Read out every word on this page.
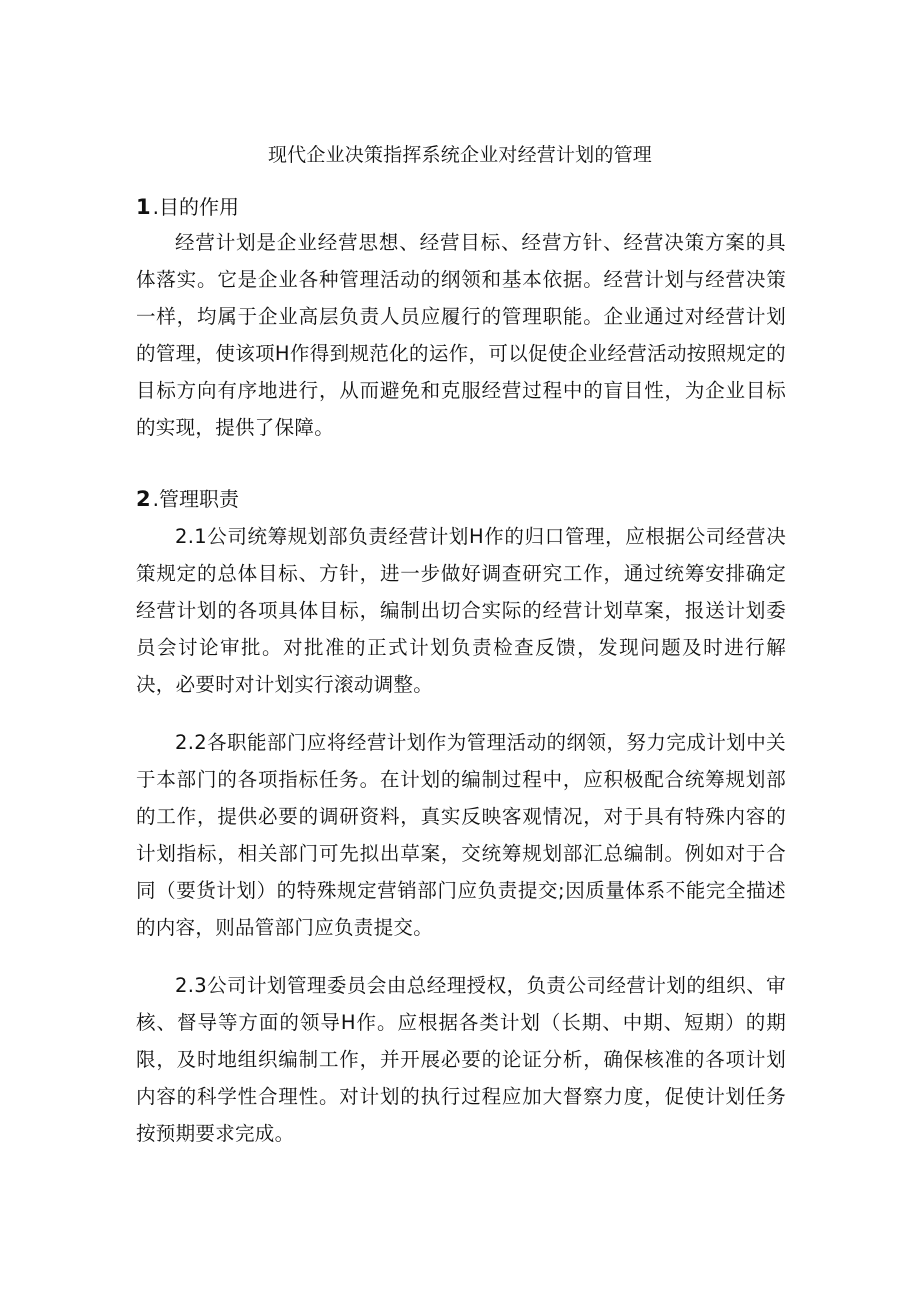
现代企业决策指挥系统企业对经营计划的管理
1 .目的作用
经营计划是企业经营思想、经营目标、经营方针、经营决策方案的具体落实。它是企业各种管理活动的纲领和基本依据。经营计划与经营决策一样，均属于企业高层负责人员应履行的管理职能。企业通过对经营计划的管理，使该项H作得到规范化的运作，可以促使企业经营活动按照规定的目标方向有序地进行，从而避免和克服经营过程中的盲目性，为企业目标的实现，提供了保障。
2 .管理职责
2.1公司统筹规划部负责经营计划H作的归口管理，应根据公司经营决策规定的总体目标、方针，进一步做好调查研究工作，通过统筹安排确定经营计划的各项具体目标，编制出切合实际的经营计划草案，报送计划委员会讨论审批。对批准的正式计划负责检查反馈，发现问题及时进行解决，必要时对计划实行滚动调整。
2.2各职能部门应将经营计划作为管理活动的纲领，努力完成计划中关于本部门的各项指标任务。在计划的编制过程中，应积极配合统筹规划部的工作，提供必要的调研资料，真实反映客观情况，对于具有特殊内容的计划指标，相关部门可先拟出草案，交统筹规划部汇总编制。例如对于合同（要货计划）的特殊规定营销部门应负责提交;因质量体系不能完全描述的内容，则品管部门应负责提交。
2.3公司计划管理委员会由总经理授权，负责公司经营计划的组织、审核、督导等方面的领导H作。应根据各类计划（长期、中期、短期）的期限，及时地组织编制工作，并开展必要的论证分析，确保核准的各项计划内容的科学性合理性。对计划的执行过程应加大督察力度，促使计划任务按预期要求完成。
